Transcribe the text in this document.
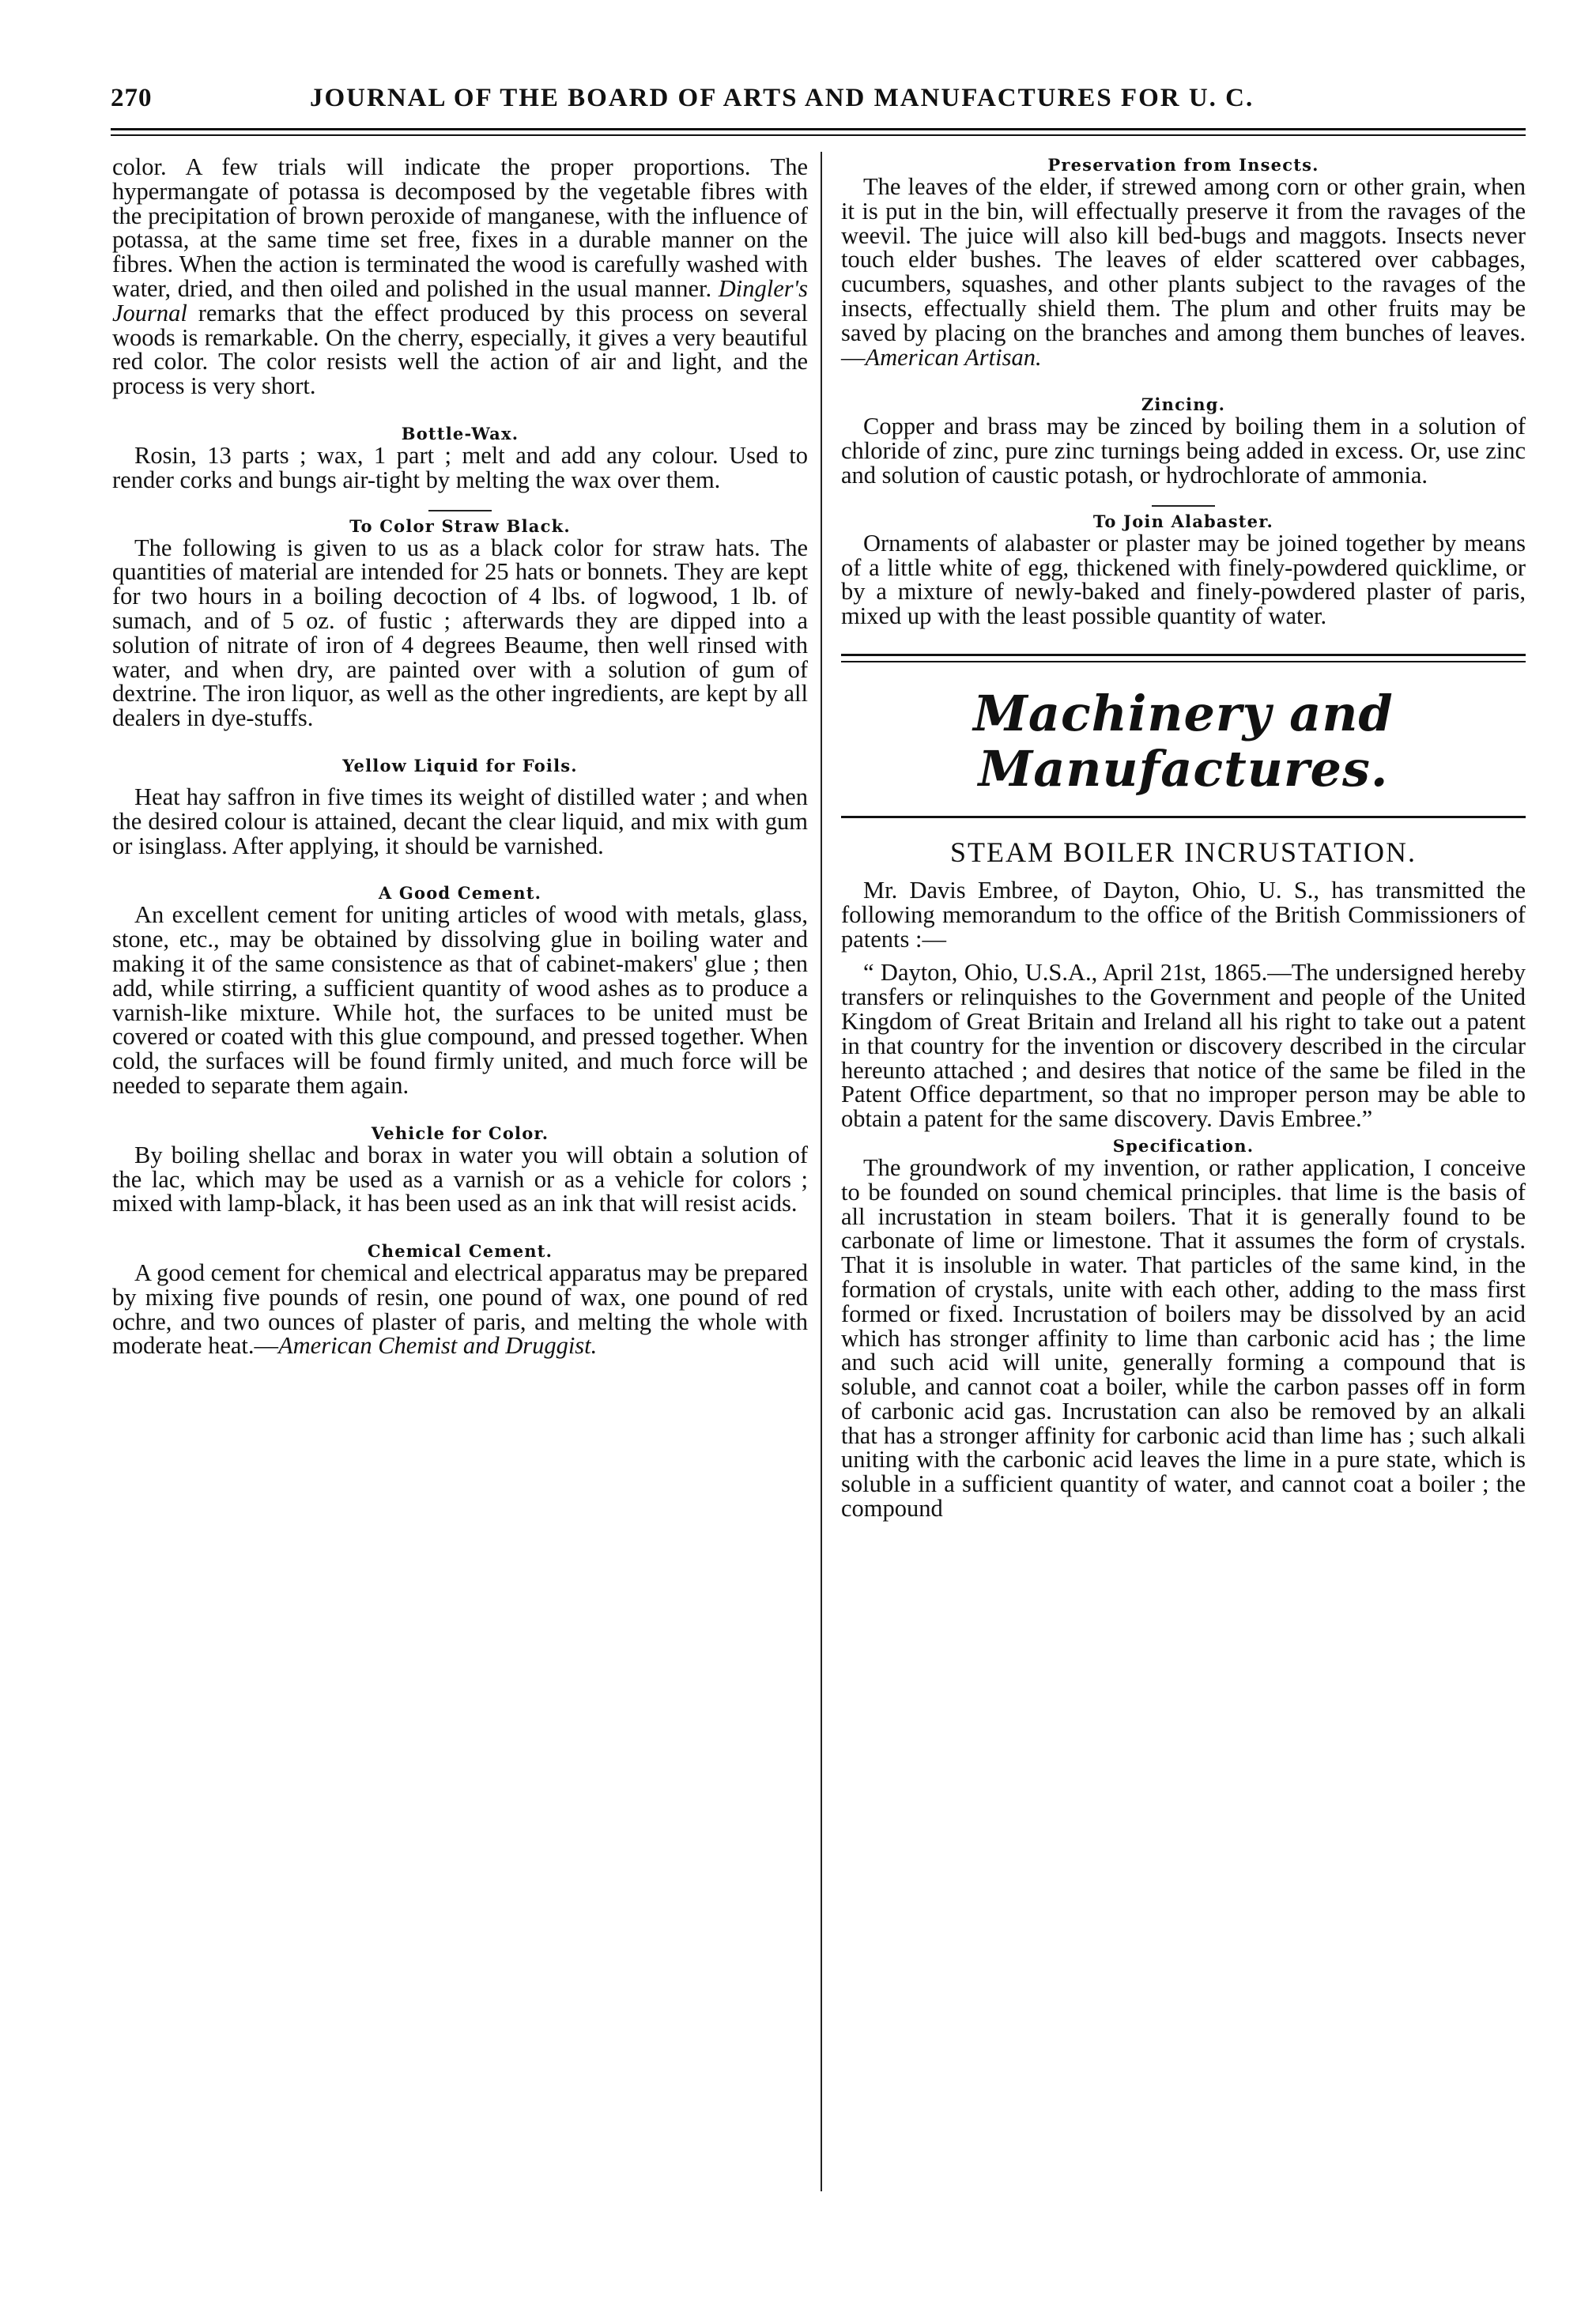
270	JOURNAL OF THE BOARD OF ARTS AND MANUFACTURES FOR U. C.

color. A few trials will indicate the proper proportions. The hypermangate of potassa is decomposed by the vegetable fibres with the precipitation of brown peroxide of manganese, with the influence of potassa, at the same time set free, fixes in a durable manner on the fibres. When the action is terminated the wood is carefully washed with water, dried, and then oiled and polished in the usual manner. Dingler's Journal remarks that the effect produced by this process on several woods is remarkable. On the cherry, especially, it gives a very beautiful red color. The color resists well the action of air and light, and the process is very short.

Bottle-Wax.

Rosin, 13 parts ; wax, 1 part ; melt and add any colour. Used to render corks and bungs air-tight by melting the wax over them.

To Color Straw Black.

The following is given to us as a black color for straw hats. The quantities of material are intended for 25 hats or bonnets. They are kept for two hours in a boiling decoction of 4 lbs. of logwood, 1 lb. of sumach, and of 5 oz. of fustic ; afterwards they are dipped into a solution of nitrate of iron of 4 degrees Beaume, then well rinsed with water, and when dry, are painted over with a solution of gum of dextrine. The iron liquor, as well as the other ingredients, are kept by all dealers in dye-stuffs.

Yellow Liquid for Foils.

Heat hay saffron in five times its weight of distilled water ; and when the desired colour is attained, decant the clear liquid, and mix with gum or isinglass. After applying, it should be varnished.

A Good Cement.

An excellent cement for uniting articles of wood with metals, glass, stone, etc., may be obtained by dissolving glue in boiling water and making it of the same consistence as that of cabinet-makers' glue ; then add, while stirring, a sufficient quantity of wood ashes as to produce a varnish-like mixture. While hot, the surfaces to be united must be covered or coated with this glue compound, and pressed together. When cold, the surfaces will be found firmly united, and much force will be needed to separate them again.

Vehicle for Color.

By boiling shellac and borax in water you will obtain a solution of the lac, which may be used as a varnish or as a vehicle for colors ; mixed with lamp-black, it has been used as an ink that will resist acids.

Chemical Cement.

A good cement for chemical and electrical apparatus may be prepared by mixing five pounds of resin, one pound of wax, one pound of red ochre, and two ounces of plaster of paris, and melting the whole with moderate heat.—American Chemist and Druggist.

Preservation from Insects.

The leaves of the elder, if strewed among corn or other grain, when it is put in the bin, will effectually preserve it from the ravages of the weevil. The juice will also kill bed-bugs and maggots. Insects never touch elder bushes. The leaves of elder scattered over cabbages, cucumbers, squashes, and other plants subject to the ravages of the insects, effectually shield them. The plum and other fruits may be saved by placing on the branches and among them bunches of leaves.—American Artisan.

Zincing.

Copper and brass may be zinced by boiling them in a solution of chloride of zinc, pure zinc turnings being added in excess. Or, use zinc and solution of caustic potash, or hydrochlorate of ammonia.

To Join Alabaster.

Ornaments of alabaster or plaster may be joined together by means of a little white of egg, thickened with finely-powdered quicklime, or by a mixture of newly-baked and finely-powdered plaster of paris, mixed up with the least possible quantity of water.

Machinery and Manufactures.

STEAM BOILER INCRUSTATION.

Mr. Davis Embree, of Dayton, Ohio, U. S., has transmitted the following memorandum to the office of the British Commissioners of patents :—

“ Dayton, Ohio, U.S.A., April 21st, 1865.—The undersigned hereby transfers or relinquishes to the Government and people of the United Kingdom of Great Britain and Ireland all his right to take out a patent in that country for the invention or discovery described in the circular hereunto attached ; and desires that notice of the same be filed in the Patent Office department, so that no improper person may be able to obtain a patent for the same discovery. Davis Embree.”

Specification.

The groundwork of my invention, or rather application, I conceive to be founded on sound chemical principles. that lime is the basis of all incrustation in steam boilers. That it is generally found to be carbonate of lime or limestone. That it assumes the form of crystals. That it is insoluble in water. That particles of the same kind, in the formation of crystals, unite with each other, adding to the mass first formed or fixed. Incrustation of boilers may be dissolved by an acid which has stronger affinity to lime than carbonic acid has ; the lime and such acid will unite, generally forming a compound that is soluble, and cannot coat a boiler, while the carbon passes off in form of carbonic acid gas. Incrustation can also be removed by an alkali that has a stronger affinity for carbonic acid than lime has ; such alkali uniting with the carbonic acid leaves the lime in a pure state, which is soluble in a sufficient quantity of water, and cannot coat a boiler ; the compound
